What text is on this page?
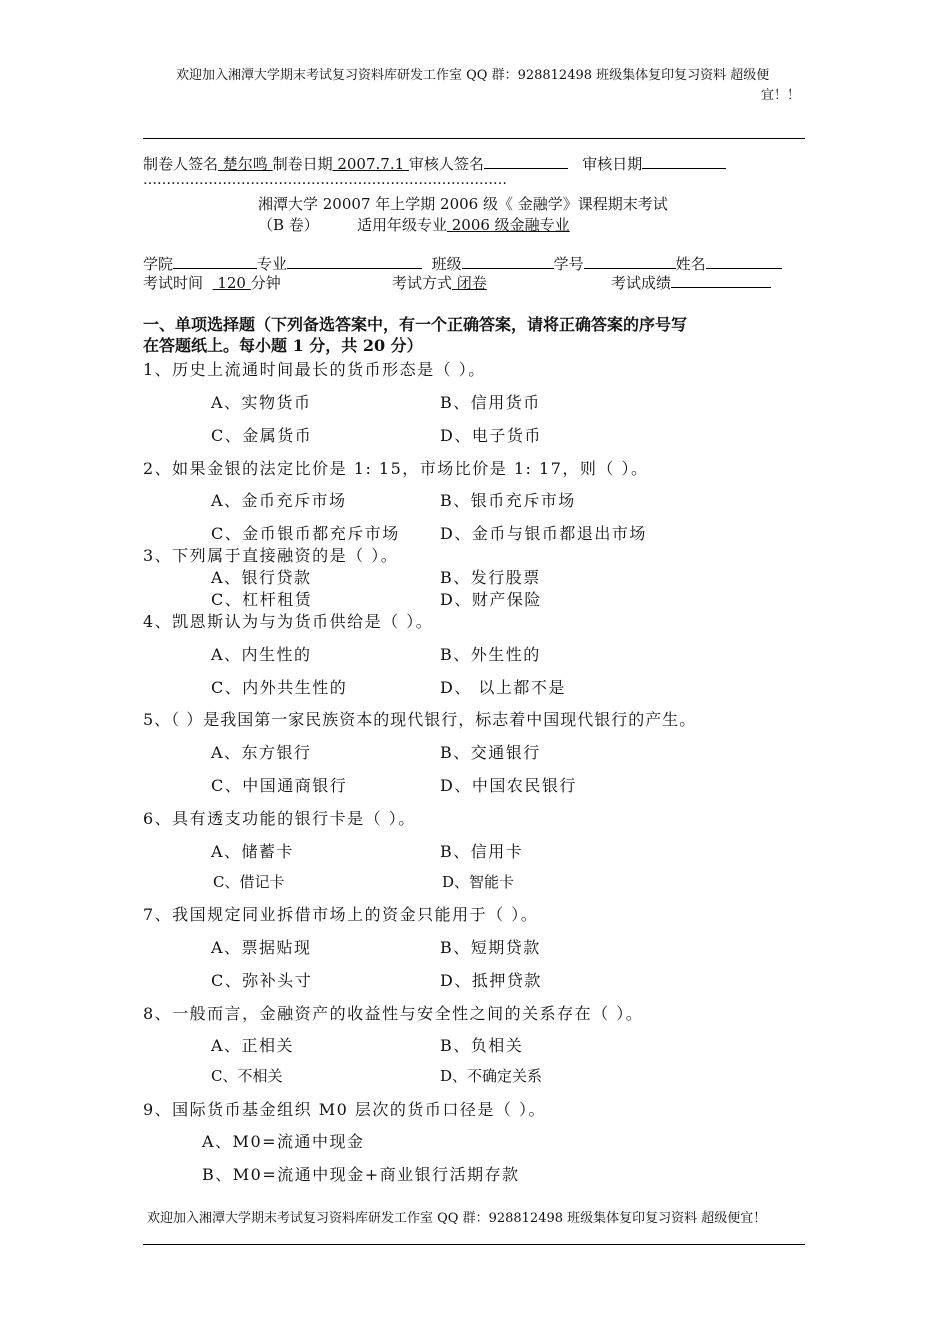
欢迎加入湘潭大学期末考试复习资料库研发工作室 QQ 群：928812498 班级集体复印复习资料 超级便
宜！！
制卷人签名 楚尔鸣 制卷日期 2007.7.1 审核人签名	审核日期
……………………………………………………………………
湘潭大学 20007 年上学期 2006 级《 金融学》课程期末考试
（B 卷）	适用年级专业 2006 级金融专业
学院	专业	班级	学号	姓名
考试时间   120 分钟	考试方式 闭卷	考试成绩
一、单项选择题（下列备选答案中，有一个正确答案，请将正确答案的序号写
在答题纸上。每小题 1 分，共 20 分）
1、历史上流通时间最长的货币形态是（ ）。
A、实物货币	B、信用货币
C、金属货币	D、电子货币
2、如果金银的法定比价是 1: 15，市场比价是 1: 17，则（ ）。
A、金币充斥市场	B、银币充斥市场
C、金币银币都充斥市场	D、金币与银币都退出市场
3、下列属于直接融资的是（ ）。
A、银行贷款	B、发行股票
C、杠杆租赁	D、财产保险
4、凯恩斯认为与为货币供给是（ ）。
A、内生性的	B、外生性的
C、内外共生性的	D、 以上都不是
5、（ ）是我国第一家民族资本的现代银行，标志着中国现代银行的产生。
A、东方银行	B、交通银行
C、中国通商银行	D、中国农民银行
6、具有透支功能的银行卡是（ ）。
A、储蓄卡	B、信用卡
C、借记卡	D、智能卡
7、我国规定同业拆借市场上的资金只能用于（ ）。
A、票据贴现	B、短期贷款
C、弥补头寸	D、抵押贷款
8、一般而言，金融资产的收益性与安全性之间的关系存在（ ）。
A、正相关	B、负相关
C、不相关	D、不确定关系
9、国际货币基金组织 M0 层次的货币口径是（ ）。
A、M0=流通中现金
B、M0=流通中现金+商业银行活期存款
欢迎加入湘潭大学期末考试复习资料库研发工作室 QQ 群：928812498 班级集体复印复习资料 超级便宜！
